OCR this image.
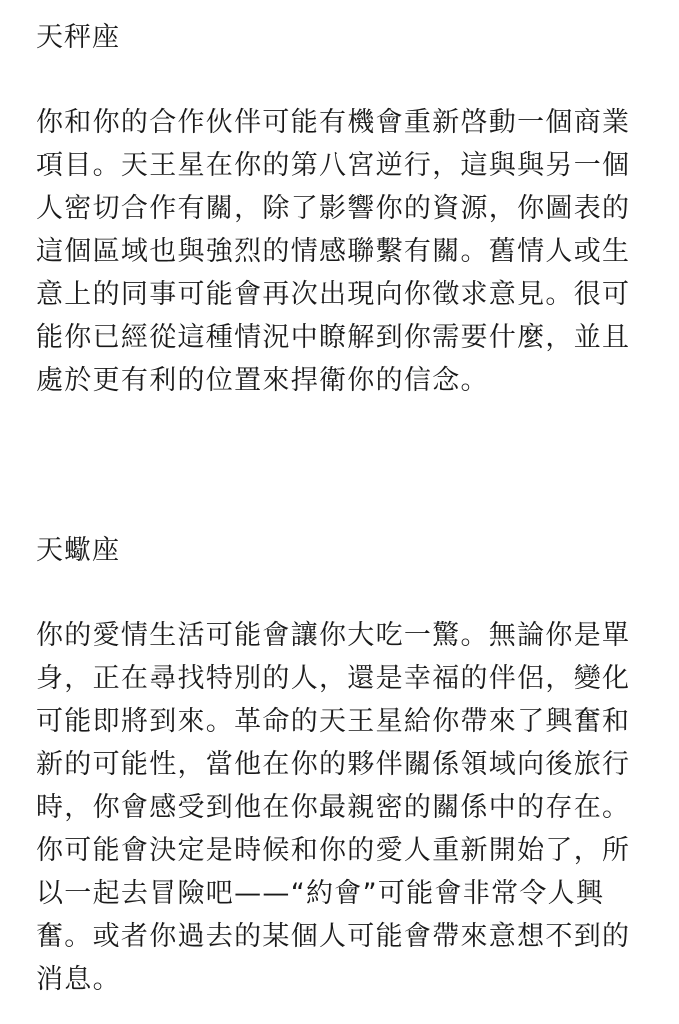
天秤座
你和你的合作伙伴可能有機會重新啓動一個商業
項目。天王星在你的第八宮逆行，這與與另一個
人密切合作有關，除了影響你的資源，你圖表的
這個區域也與強烈的情感聯繫有關。舊情人或生
意上的同事可能會再次出現向你徵求意見。很可
能你已經從這種情況中瞭解到你需要什麼，並且
處於更有利的位置來捍衛你的信念。
天蠍座
你的愛情生活可能會讓你大吃一驚。無論你是單
身，正在尋找特別的人，還是幸福的伴侶，變化
可能即將到來。革命的天王星給你帶來了興奮和
新的可能性，當他在你的夥伴關係領域向後旅行
時，你會感受到他在你最親密的關係中的存在。
你可能會決定是時候和你的愛人重新開始了，所
以一起去冒險吧——“約會”可能會非常令人興
奮。或者你過去的某個人可能會帶來意想不到的
消息。
